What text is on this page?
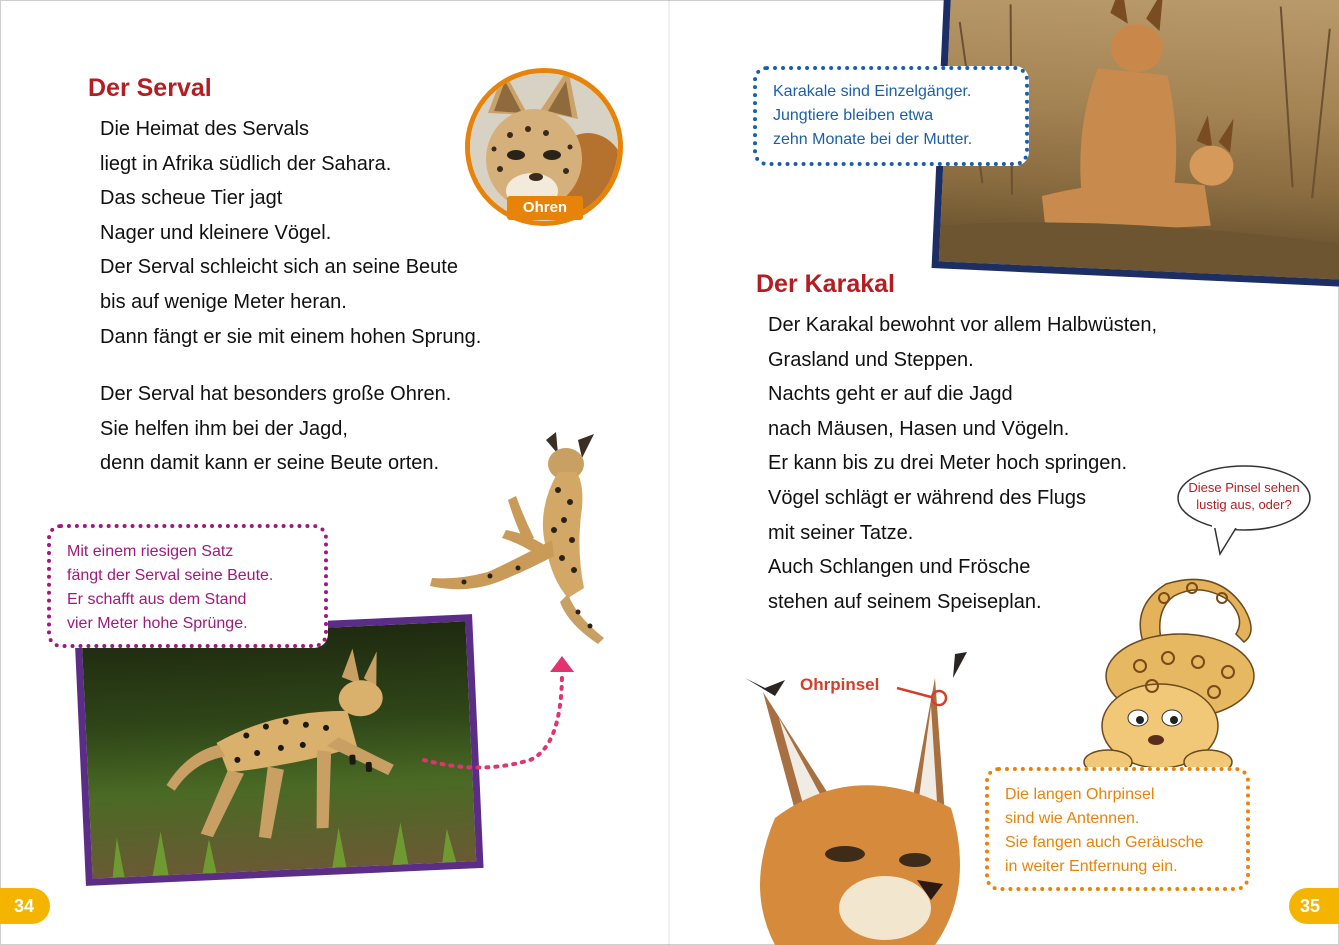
Der Serval
Die Heimat des Servals
liegt in Afrika südlich der Sahara.
Das scheue Tier jagt
Nager und kleinere Vögel.
Der Serval schleicht sich an seine Beute
bis auf wenige Meter heran.
Dann fängt er sie mit einem hohen Sprung.
Der Serval hat besonders große Ohren.
Sie helfen ihm bei der Jagd,
denn damit kann er seine Beute orten.
Ohren
Mit einem riesigen Satz
fängt der Serval seine Beute.
Er schafft aus dem Stand
vier Meter hohe Sprünge.
34
Karakale sind Einzelgänger.
Jungtiere bleiben etwa
zehn Monate bei der Mutter.
Der Karakal
Der Karakal bewohnt vor allem Halbwüsten,
Grasland und Steppen.
Nachts geht er auf die Jagd
nach Mäusen, Hasen und Vögeln.
Er kann bis zu drei Meter hoch springen.
Vögel schlägt er während des Flugs
mit seiner Tatze.
Auch Schlangen und Frösche
stehen auf seinem Speiseplan.
Diese Pinsel sehen
lustig aus, oder?
Ohrpinsel
Die langen Ohrpinsel
sind wie Antennen.
Sie fangen auch Geräusche
in weiter Entfernung ein.
35
